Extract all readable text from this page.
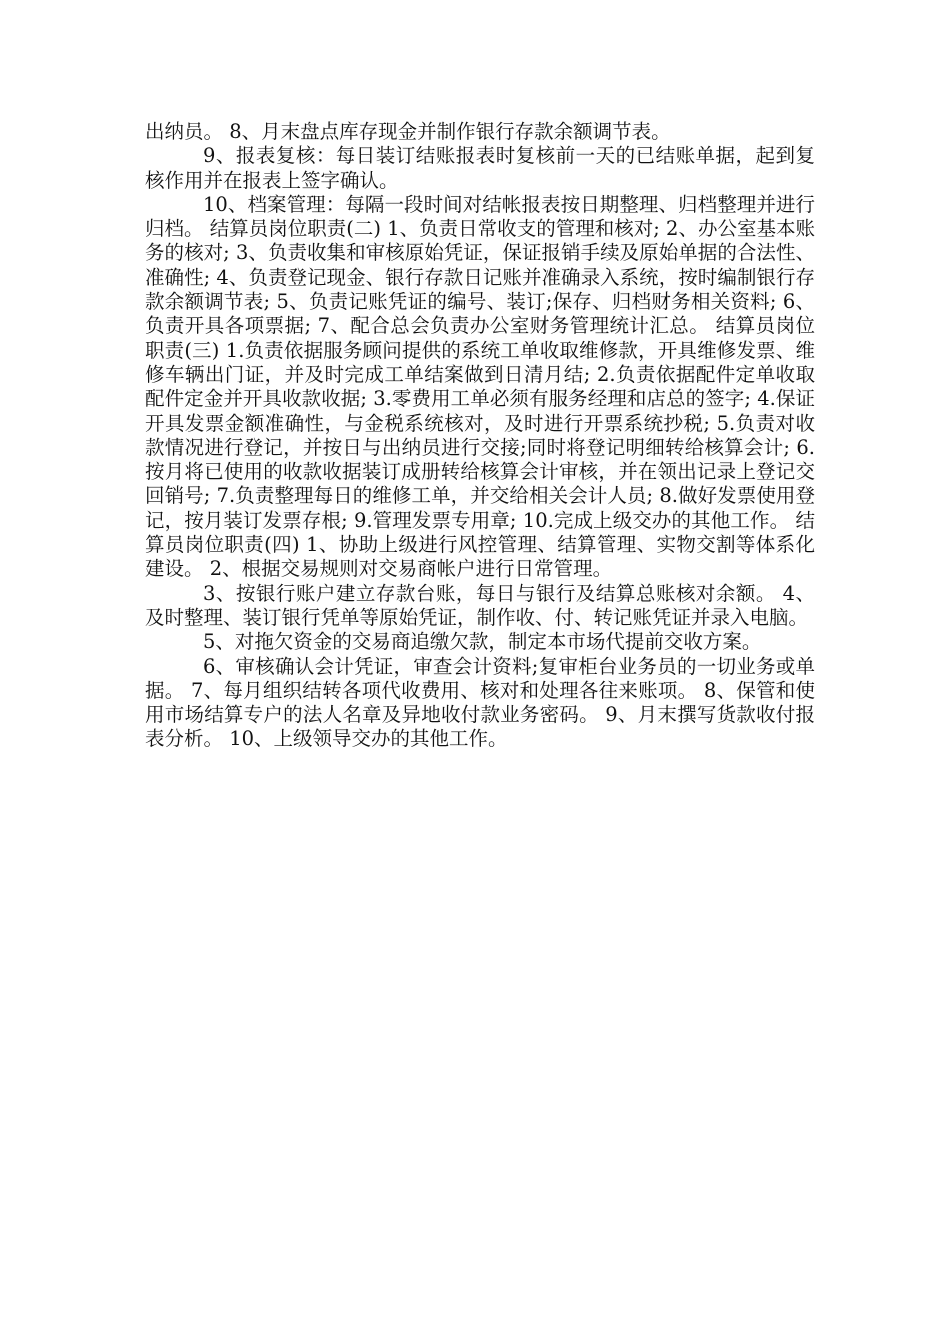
出纳员。 8、月末盘点库存现金并制作银行存款余额调节表。

9、报表复核：每日装订结账报表时复核前一天的已结账单据，起到复核作用并在报表上签字确认。

10、档案管理：每隔一段时间对结帐报表按日期整理、归档整理并进行归档。 结算员岗位职责(二) 1、负责日常收支的管理和核对; 2、办公室基本账务的核对; 3、负责收集和审核原始凭证，保证报销手续及原始单据的合法性、准确性; 4、负责登记现金、银行存款日记账并准确录入系统，按时编制银行存款余额调节表; 5、负责记账凭证的编号、装订;保存、归档财务相关资料; 6、负责开具各项票据; 7、配合总会负责办公室财务管理统计汇总。 结算员岗位职责(三) 1.负责依据服务顾问提供的系统工单收取维修款，开具维修发票、维修车辆出门证，并及时完成工单结案做到日清月结; 2.负责依据配件定单收取配件定金并开具收款收据; 3.零费用工单必须有服务经理和店总的签字; 4.保证开具发票金额准确性，与金税系统核对，及时进行开票系统抄税; 5.负责对收款情况进行登记，并按日与出纳员进行交接;同时将登记明细转给核算会计; 6.按月将已使用的收款收据装订成册转给核算会计审核，并在领出记录上登记交回销号; 7.负责整理每日的维修工单，并交给相关会计人员; 8.做好发票使用登记，按月装订发票存根; 9.管理发票专用章; 10.完成上级交办的其他工作。 结算员岗位职责(四) 1、协助上级进行风控管理、结算管理、实物交割等体系化建设。 2、根据交易规则对交易商帐户进行日常管理。

3、按银行账户建立存款台账，每日与银行及结算总账核对余额。 4、及时整理、装订银行凭单等原始凭证，制作收、付、转记账凭证并录入电脑。

5、对拖欠资金的交易商追缴欠款，制定本市场代提前交收方案。

6、审核确认会计凭证，审查会计资料;复审柜台业务员的一切业务或单据。 7、每月组织结转各项代收费用、核对和处理各往来账项。 8、保管和使用市场结算专户的法人名章及异地收付款业务密码。 9、月末撰写货款收付报表分析。 10、上级领导交办的其他工作。
